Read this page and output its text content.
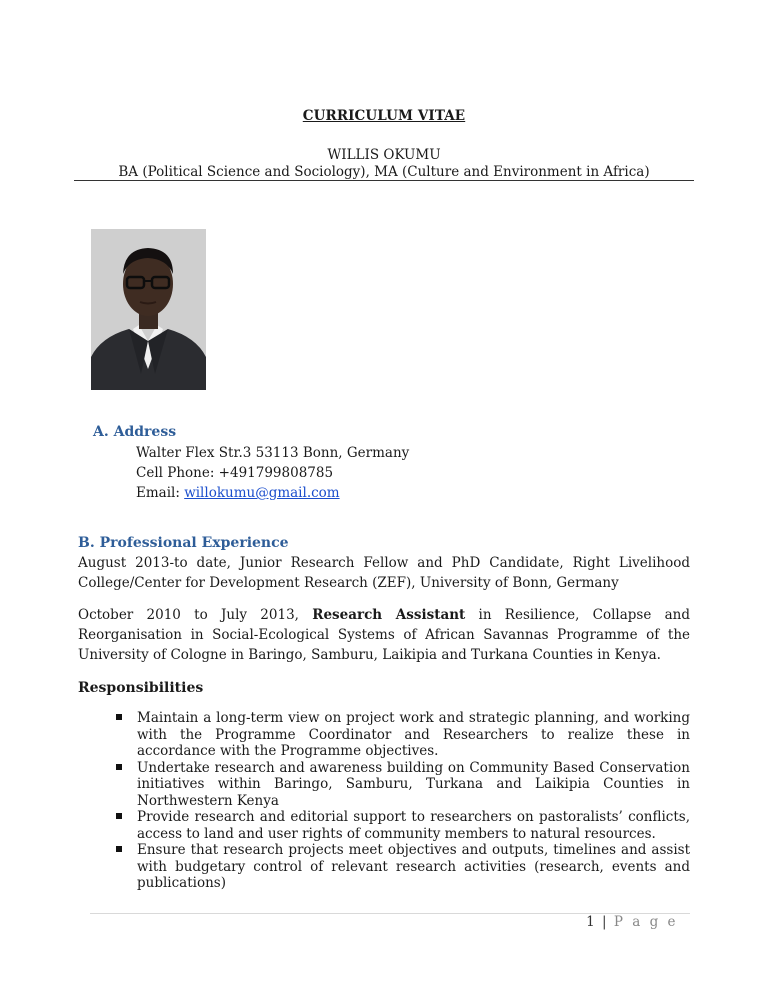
CURRICULUM VITAE
WILLIS OKUMU
BA (Political Science and Sociology), MA (Culture and Environment in Africa)
A. Address
Walter Flex Str.3 53113 Bonn, Germany
Cell Phone: +491799808785
Email: willokumu@gmail.com
B. Professional Experience
August 2013-to date, Junior Research Fellow and PhD Candidate, Right Livelihood College/Center for Development Research (ZEF), University of Bonn, Germany
October 2010 to July 2013, Research Assistant in Resilience, Collapse and Reorganisation in Social-Ecological Systems of African Savannas Programme of the University of Cologne in Baringo, Samburu, Laikipia and Turkana Counties in Kenya.
Responsibilities
Maintain a long-term view on project work and strategic planning, and working with the Programme Coordinator and Researchers to realize these in accordance with the Programme objectives.
Undertake research and awareness building on Community Based Conservation initiatives within Baringo, Samburu, Turkana and Laikipia Counties in Northwestern Kenya
Provide research and editorial support to researchers on pastoralists’ conflicts, access to land and user rights of community members to natural resources.
Ensure that research projects meet objectives and outputs, timelines and assist with budgetary control of relevant research activities (research, events and publications)
1 | P a g e
